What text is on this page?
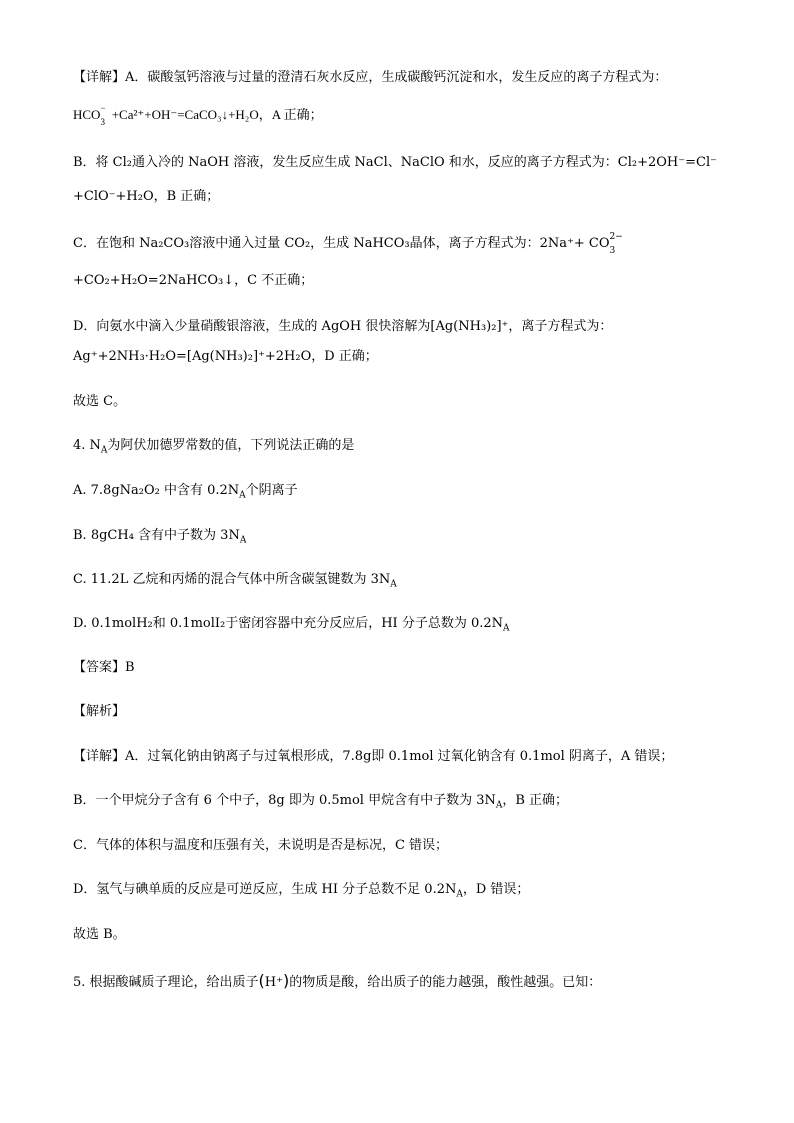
【详解】A．碳酸氢钙溶液与过量的澄清石灰水反应，生成碳酸钙沉淀和水，发生反应的离子方程式为：
HCO −
3 +Ca²⁺+OH⁻=CaCO₃↓+H₂O，A 正确；
B．将 Cl₂通入冷的 NaOH 溶液，发生反应生成 NaCl、NaClO 和水，反应的离子方程式为：Cl₂+2OH⁻=Cl⁻
+ClO⁻+H₂O，B 正确；
C．在饱和 Na₂CO₃溶液中通入过量 CO₂，生成 NaHCO₃晶体，离子方程式为：2Na⁺+ CO 2−
3
+CO₂+H₂O=2NaHCO₃↓，C 不正确；
D．向氨水中滴入少量硝酸银溶液，生成的 AgOH 很快溶解为[Ag(NH₃)₂]⁺，离子方程式为：
Ag⁺+2NH₃·H₂O=[Ag(NH₃)₂]⁺+2H₂O，D 正确；
故选 C。
4. $N_A$为阿伏加德罗常数的值，下列说法正确的是
A. 7.8gNa₂O₂ 中含有 $0.2N_A$个阴离子
B. 8gCH₄ 含有中子数为 $3N_A$
C. 11.2L 乙烷和丙烯的混合气体中所含碳氢键数为 $3N_A$
D. 0.1molH₂和 0.1molI₂于密闭容器中充分反应后，HI 分子总数为 $0.2N_A$
【答案】B
【解析】
【详解】A．过氧化钠由钠离子与过氧根形成，7.8g即 0.1mol 过氧化钠含有 0.1mol 阴离子，A 错误；
B．一个甲烷分子含有 6 个中子，8g 即为 0.5mol 甲烷含有中子数为 $3N_A$，B 正确；
C．气体的体积与温度和压强有关，未说明是否是标况，C 错误；
D．氢气与碘单质的反应是可逆反应，生成 HI 分子总数不足 $0.2N_A$，D 错误；
故选 B。
5. 根据酸碱质子理论，给出质子(H⁺)的物质是酸，给出质子的能力越强，酸性越强。已知：
